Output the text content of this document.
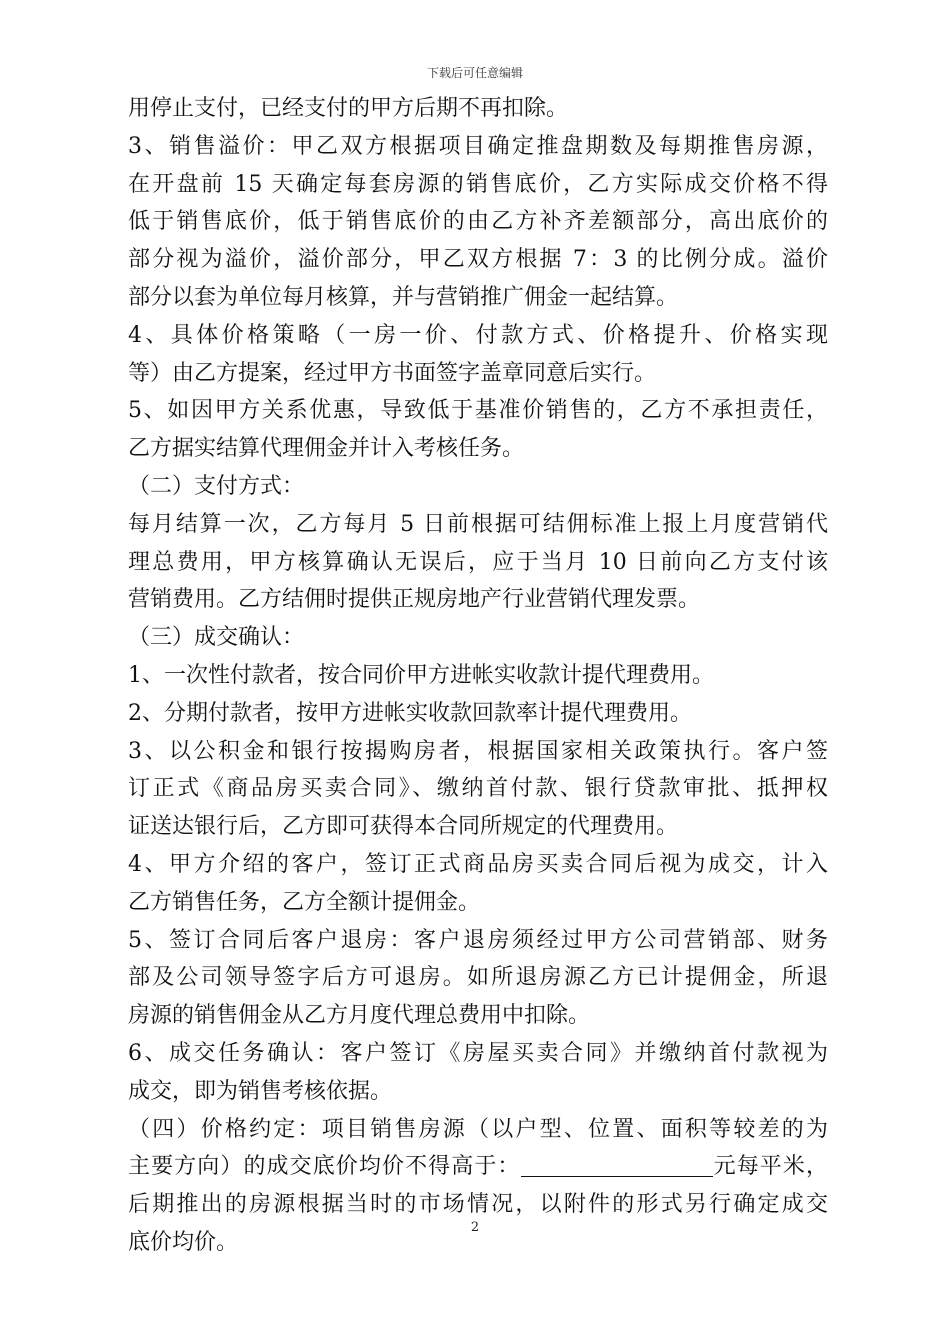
下载后可任意编辑
用停止支付，已经支付的甲方后期不再扣除。
3、销售溢价：甲乙双方根据项目确定推盘期数及每期推售房源，
在开盘前 15 天确定每套房源的销售底价，乙方实际成交价格不得
低于销售底价，低于销售底价的由乙方补齐差额部分，高出底价的
部分视为溢价，溢价部分，甲乙双方根据 7：3 的比例分成。溢价
部分以套为单位每月核算，并与营销推广佣金一起结算。
4、具体价格策略（一房一价、付款方式、价格提升、价格实现
等）由乙方提案，经过甲方书面签字盖章同意后实行。
5、如因甲方关系优惠，导致低于基准价销售的，乙方不承担责任，
乙方据实结算代理佣金并计入考核任务。
（二）支付方式：
每月结算一次，乙方每月 5 日前根据可结佣标准上报上月度营销代
理总费用，甲方核算确认无误后，应于当月 10 日前向乙方支付该
营销费用。乙方结佣时提供正规房地产行业营销代理发票。
（三）成交确认：
1、一次性付款者，按合同价甲方进帐实收款计提代理费用。
2、分期付款者，按甲方进帐实收款回款率计提代理费用。
3、以公积金和银行按揭购房者，根据国家相关政策执行。客户签
订正式《商品房买卖合同》、缴纳首付款、银行贷款审批、抵押权
证送达银行后，乙方即可获得本合同所规定的代理费用。
4、甲方介绍的客户，签订正式商品房买卖合同后视为成交，计入
乙方销售任务，乙方全额计提佣金。
5、签订合同后客户退房：客户退房须经过甲方公司营销部、财务
部及公司领导签字后方可退房。如所退房源乙方已计提佣金，所退
房源的销售佣金从乙方月度代理总费用中扣除。
6、成交任务确认：客户签订《房屋买卖合同》并缴纳首付款视为
成交，即为销售考核依据。
（四）价格约定：项目销售房源（以户型、位置、面积等较差的为
主要方向）的成交底价均价不得高于：	元每平米，
后期推出的房源根据当时的市场情况，以附件的形式另行确定成交
底价均价。
2
